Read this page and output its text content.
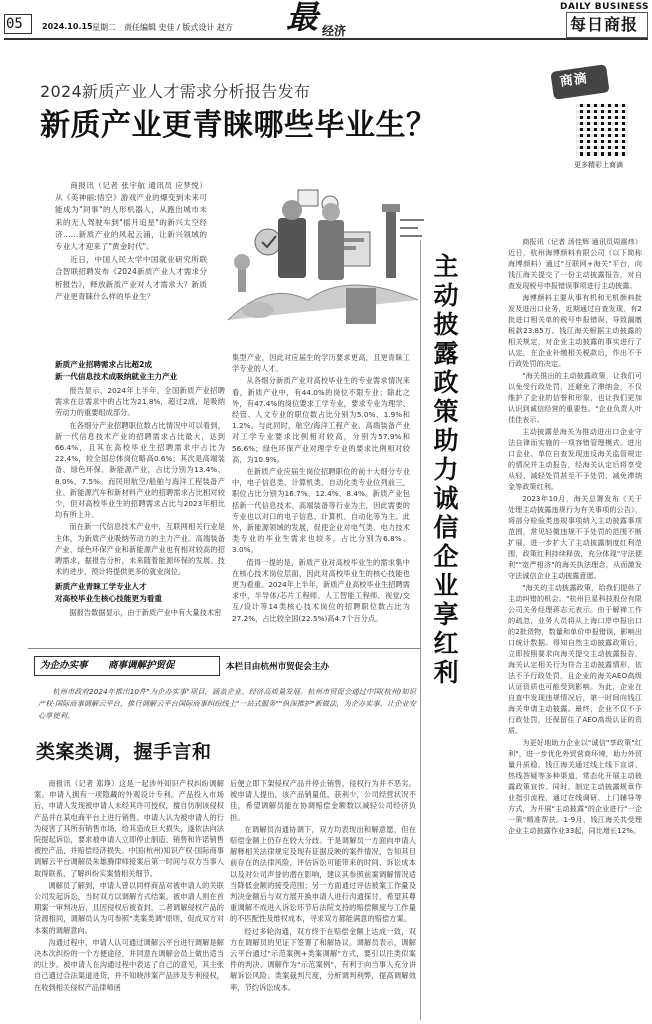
05 2024.10.15 星期二 责任编辑 史佳 / 版式设计 赵方 最 经济
DAILY BUSINESS
每日商报
2024新质产业人才需求分析报告发布
新质产业更青睐哪些毕业生？

商报讯（记者 张宇航 通讯员 应梦悦）从《美神丽:悟空》游戏产业的爆变到未来可能成为"同事"的人形机器人，从跑出城市未来的无人驾驶车到"摇月追星"的新兴太空经济……新质产业的风起云涌，让新兴领域的专业人才迎来了"黄金时代"。

近日，中国人民大学中国就业研究所联合智联招聘发布《2024新质产业人才需求分析报告》，释放新质产业对人才需求大？新质产业更青睐什么样的毕业生？

商滴
更多精彩上商滴
新质产业招聘需求占比超2成
新一代信息技术成吸纳就业主力产业

报告显示，2024年上半年，全国新质产业招聘需求在总需求中的占比为21.8%，超过2成，是吸纳劳动力的重要组成部分。

在各细分产业招聘职位数占比情况中可以看到，新一代信息技术产业的招聘需求占比最大，达到66.4%，且其在高校毕业生招聘需求中占比为22.4%，较全国总体岗位略高0.6%；其次是高端装备、绿色环保、新能源产业，占比分别为13.4%、8.0%、7.5%。而民用航空/船舶与海洋工程装备产业、新能源汽车和新材料产业的招聘需求占比相对较少，但对高校毕业生的招聘需求占比与2023年相比均有所上升。

而在新一代信息技术产业中，互联网相关行业是主体，为新质产业吸纳劳动力的主力产业。高端装备产业、绿色环保产业和新能源产业也有相对较高的招聘需求，据报告分析，未来随着能源环保的发展、技术的进步，预计将提供更多的就业岗位。

新质产业青睐工学专业人才
对高校毕业生核心技能更为看重

据报告数据显示，由于新质产业中有大量技术密

集型产业，因此对应届生的学历要求更高，且更青睐工学专业的人才。

从各细分新质产业对高校毕业生的专业需求情况来看，新质产业中，有44.0%的岗位不限专业；除此之外，有47.4%的岗位要求工学专业，要求专业为理学、经管、人文专业的职位数占比分别为5.0%、1.9%和1.2%。与此同时，航空/海洋工程产业、高端装备产业对工学专业要求比例相对较高，分别为57.9%和56.6%；绿色环保产业对理学专业的要求比例相对较高，为10.9%。

在新质产业应届生岗位招聘职位的前十大细分专业中，电子信息类、计算机类、自动化类专业位列前三，职位占比分别为16.7%、12.4%、8.4%。新质产业包括新一代信息技术、高端装备等行业为主，因此需要的专业也以对口的电子信息、计算机、自动化等为主。此外，新能源领域的发展，促使企业对电气类、电力技术类专业的毕业生需求也较多，占比分别为6.8%、3.0%。

值得一提的是，新质产业对高校毕业生的需求集中在核心技术岗位层面，因此对高校毕业生的核心技能也更为看重。2024年上半年，新质产业高校毕业生招聘需求中，半导体/芯片工程师、人工智能工程师、视觉/交互/设计等14类核心技术岗位的招聘职位数占比为27.2%，占比较全国(22.5%)高4.7个百分点。

为企办实事 商事调解护贸促	本栏目由杭州市贸促会主办
杭州市政府2024年推出10件"为企办实事"项目，涵盖企业、经济高质量发展。杭州市贸促会通过中国(杭州)知识产权·国际商事调解云平台，推行调解云平台国际商事纠纷线上"一站式服务""纵深推护"新做法，为企办实事，让企业安心享便利。
类案类调，握手言和

商报讯（记者 郑琤）这是一起涉外知识产权纠纷调解案。申请人拥有一项隐藏的外观设计专利。产品投入市场后，申请人发现被申请人未经其许可授权，擅自仿制该侵权产品并在某电商平台上进行销售。申请人认为被申请人的行为侵害了其所有销售市场，给其造成巨大损失，遂依法向法院提起诉讼，要求被申请人立即停止制造、销售和许诺销售被控产品，并赔偿经济损失。中国(杭州)知识产权·国际商事调解云平台调解员朱雄腾律师接案后第一时间与双方当事人取得联系，了解纠纷实案情相关细节。

调解员了解到，申请人曾以同样商品对被申请人的关联公司发起诉讼，当时双方以调解方式结案。被申请人则在首期案一审判决后，且因侵权后被查封。二者调解侵权产品的货源相同，调解员认为可参照"类案类调"原则，促成双方对本案的调解意向。

沟通过程中，申请人认可通过调解云平台进行调解是解决本次纠纷的一个方便途径，并同意在调解会员上做出适当的让步。被申请人在沟通过程中表达了自己的意见，其主张自己通过合法渠道进货，并不知晓涉案产品涉及专利侵权，在收到相关侵权产品律师函

后便立即下架侵权产品并停止销售，侵权行为并不恶劣。被申请人提出，该产品销量低，获利少，公司经营状况不佳，希望调解员能在协调赔偿金额数以减轻公司经济负担。

在调解员沟通协调下，双方均表现出和解意愿，但在赔偿金额上仍存在较大分歧。于是调解员一方面向申请人解释相关法律规定及现有证据反映的案件情况，告知其目前存在的法律风险，评估诉讼可能带来的时间、诉讼成本以及对公司声誉的潜在影响，建议其参照前案调解情况适当降低金额的接受范围；另一方面通过评估被案工作量及判决金额后与双方展开换申请人进行沟通探讨，希望其尊重调解不成进入诉讼环节后法院支持的赔偿额度与工作量的不匹配性及维权成本，寻求双方都能满意的赔偿方案。

经过多轮沟通，双方终于在赔偿金额上达成一致，双方在调解员的见证下签署了和解协议。调解员表示，调解云平台通过"示范案例+类案调解"方式，要引以往类似案件的判决、调解作为"示范案例"，有利于向当事人充分讲解诉讼风险、类案裁判尺度，分析调判利弊，提高调解效率，节约诉讼成本。

主动披露政策助力诚信企业享红利

商报讯（记者 汤佳辉 通讯员周震炜）近日，杭州海博颜料有限公司（以下简称海博颜料）通过"互联网+海关"平台，向钱江海关提交了一份主动披露报告，对自查发现税号申报错误事项进行主动披露。

海博颜料主要从事有机和无机颜料批发及进出口业务，近期通过自查发现，有2批进口相关单的税号申报错误，导致漏缴税款23.85万。钱江海关根据主动披露的相关规定，对企业主动披露的事实进行了认定，在企业补缴相关税款后，作出不予行政处罚的决定。

"海关推出的主动披露政策，让我们可以免受行政处罚，还避免了滞纳金，不仅维护了企业的信誉和形象，也让我们更加认识到诚信经营的重要性。"企业负责人叶佳佳表示。

主动披露是海关为推动进出口企业守法自律而实施的一项容错管理模式。进出口企业、单位自查发现违反海关监管规定的情况并主动报告，经海关认定后将享受从轻、减轻处罚甚至不予处罚、减免滞纳金等政策红利。

2023年10月，海关总署发布《关于处理主动披露违规行为有关事项的公告》，将部分检验类违规事项纳入主动披露事项范围，常见轻微违规不予处罚的范围不断扩展，进一步扩大了主动披露制度红利范围，政策红利持续释放，充分体现"守法便利""宽严相济"的海关执法理念，从而激发守法诚信企业主动披露意愿。

"海关的主动披露政策，给我们提供了主动纠错的机会。"杭州巨星科技股份有限公司关务经理蒋志元表示。由于解禅工作的疏忽，业务人员将从上海口岸申报出口的2批货物，数量和单价申报错误，影响出口统计数据。得知自然主动披露政策后，立即按照要求向海关提交主动披露报告，海关认定相关行为符合主动披露情形，依法不予行政处罚，且企业的海关AEO高级认证资质也可能受到影响。为此，企业在自查中发现违规情况后，第一时间向钱江海关申请主动披露。最终，企业不仅不予行政处罚，还保留住了AEO高级认证的资质。

为更好地助力企业以"诚信"享政策"红利"，进一步优化外贸营商环境，助力外贸量升质稳，钱江海关通过线上线下宣讲、热线答疑等多种渠道，常态化开展主动披露政策宣传。同时，制定主动披露规章作业指引流程，通过在线调研、上门辅导等方式，为开展"主动披露"的企业进行"一企一策"精准帮扶。1-9月，钱江海关共受理企业主动披露作业33起，同比增长12%。
